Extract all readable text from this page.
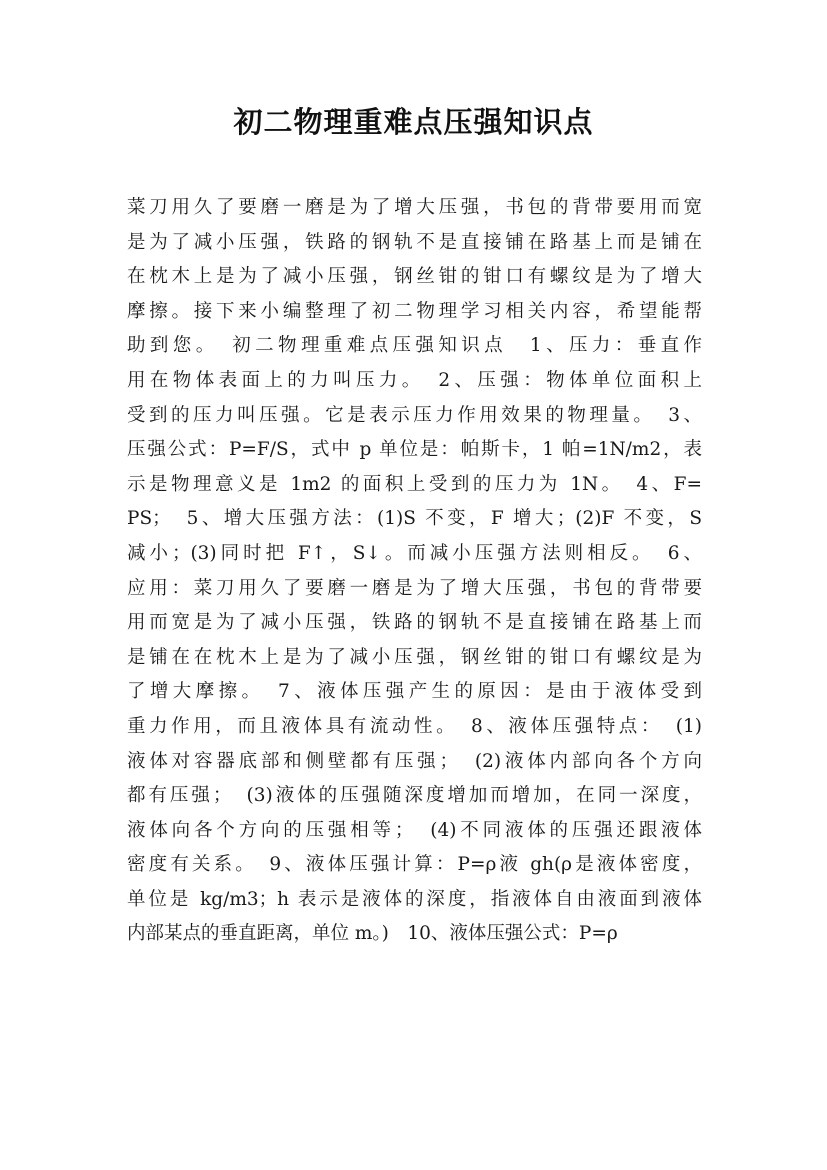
初二物理重难点压强知识点
菜刀用久了要磨一磨是为了增大压强，书包的背带要用而宽
是为了减小压强，铁路的钢轨不是直接铺在路基上而是铺在
在枕木上是为了减小压强，钢丝钳的钳口有螺纹是为了增大
摩擦。接下来小编整理了初二物理学习相关内容，希望能帮
助到您。　初二物理重难点压强知识点　1、压力：垂直作
用在物体表面上的力叫压力。　2、压强：物体单位面积上
受到的压力叫压强。它是表示压力作用效果的物理量。　3、
压强公式：P=F/S，式中 p 单位是：帕斯卡，1 帕=1N/m2，表
示是物理意义是 1m2 的面积上受到的压力为 1N。　4、F=
PS；　5、增大压强方法：(1)S 不变，F 增大；(2)F 不变，S
减小；(3)同时把 F↑，S↓。而减小压强方法则相反。　6、
应用：菜刀用久了要磨一磨是为了增大压强，书包的背带要
用而宽是为了减小压强，铁路的钢轨不是直接铺在路基上而
是铺在在枕木上是为了减小压强，钢丝钳的钳口有螺纹是为
了增大摩擦。　7、液体压强产生的原因：是由于液体受到
重力作用，而且液体具有流动性。　8、液体压强特点：　(1)
液体对容器底部和侧壁都有压强；　(2)液体内部向各个方向
都有压强；　(3)液体的压强随深度增加而增加，在同一深度，
液体向各个方向的压强相等；　(4)不同液体的压强还跟液体
密度有关系。　9、液体压强计算：P=ρ液 gh(ρ是液体密度，
单位是 kg/m3；h 表示是液体的深度，指液体自由液面到液体
内部某点的垂直距离，单位 m。)　10、液体压强公式：P=ρ
